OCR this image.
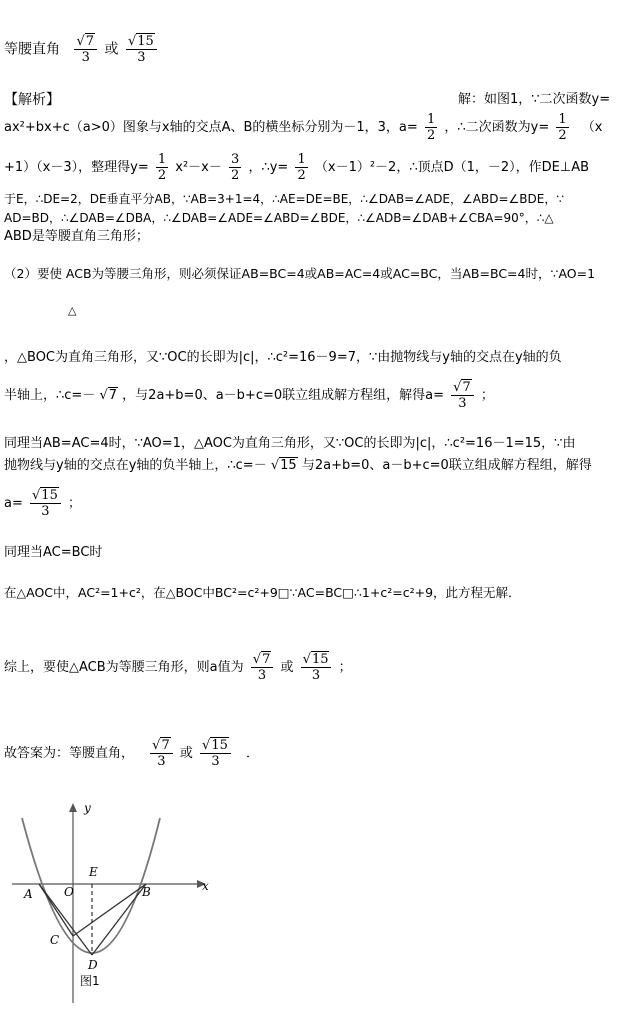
等腰直角 $\frac{√7}{3}$ 或 $\frac{√15}{3}$
【解析】	解：如图1，∵二次函数y=
ax²+bx+c（a>0）图象与x轴的交点A、B的横坐标分别为－1，3，$a= \frac{1}{2}$ ，∴二次函数为$y= \frac{1}{2} (x$
+1）（x－3），整理得$y= \frac{1}{2} x^2-x- \frac{3}{2}$ ，∴y= $\frac{1}{2} (x-1)^2-2$，∴顶点D（1，－2），作DE⊥AB
于E，∴DE=2，DE垂直平分AB，∵AB=3+1=4，∴AE=DE=BE，∴∠DAB=∠ADE，∠ABD=∠BDE，∵
AD=BD，∴∠DAB=∠DBA，∴∠DAB=∠ADE=∠ABD=∠BDE，∴∠ADB=∠DAB+∠CBA=90°，∴△
ABD是等腰直角三角形；
（2）要使 ACB为等腰三角形，则必须保证AB=BC=4或AB=AC=4或AC=BC，当AB=BC=4时，∵AO=1
△
，△BOC为直角三角形，又∵OC的长即为|c|，∴c²=16－9=7，∵由抛物线与y轴的交点在y轴的负
半轴上，∴c=－ √7 ，与2a+b=0、a－b+c=0联立组成解方程组，解得$a= \frac{√7}{3}$ ；
同理当AB=AC=4时，∵AO=1，△AOC为直角三角形，又∵OC的长即为|c|，∴c²=16－1=15，∵由
抛物线与y轴的交点在y轴的负半轴上，∴c=－ √15 与2a+b=0、a－b+c=0联立组成解方程组，解得
$a= \frac{√15}{3}$ ；
同理当AC=BC时
在△AOC中，AC²=1+c²，在△BOC中BC²=c²+9□∵AC=BC□∴1+c²=c²+9，此方程无解．
综上，要使△ACB为等腰三角形，则a值为 $\frac{√7}{3}$ 或 $\frac{√15}{3}$ ；
故答案为：等腰直角， $\frac{√7}{3}$ 或 $\frac{√15}{3}$ ．
y
x
E
A	O	B
C
D
图1
